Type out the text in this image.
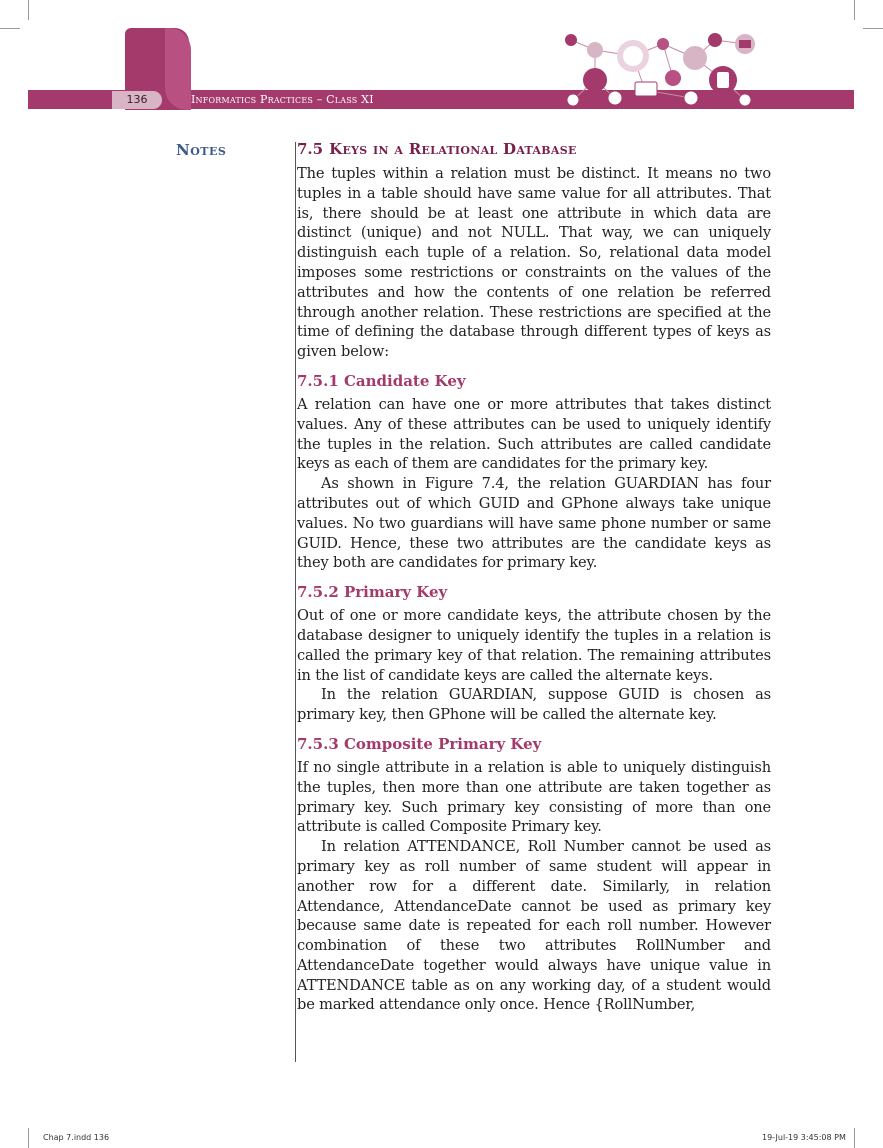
136	Informatics Practices – Class XI
Notes	7.5 Keys in a Relational Database

The tuples within a relation must be distinct. It means no two tuples in a table should have same value for all attributes. That is, there should be at least one attribute in which data are distinct (unique) and not NULL. That way, we can uniquely distinguish each tuple of a relation. So, relational data model imposes some restrictions or constraints on the values of the attributes and how the contents of one relation be referred through another relation. These restrictions are specified at the time of defining the database through different types of keys as given below:

7.5.1 Candidate Key

A relation can have one or more attributes that takes distinct values. Any of these attributes can be used to uniquely identify the tuples in the relation. Such attributes are called candidate keys as each of them are candidates for the primary key.

As shown in Figure 7.4, the relation GUARDIAN has four attributes out of which GUID and GPhone always take unique values. No two guardians will have same phone number or same GUID. Hence, these two attributes are the candidate keys as they both are candidates for primary key.

7.5.2 Primary Key

Out of one or more candidate keys, the attribute chosen by the database designer to uniquely identify the tuples in a relation is called the primary key of that relation. The remaining attributes in the list of candidate keys are called the alternate keys.

In the relation GUARDIAN, suppose GUID is chosen as primary key, then GPhone will be called the alternate key.

7.5.3 Composite Primary Key

If no single attribute in a relation is able to uniquely distinguish the tuples, then more than one attribute are taken together as primary key. Such primary key consisting of more than one attribute is called Composite Primary key.

In relation ATTENDANCE, Roll Number cannot be used as primary key as roll number of same student will appear in another row for a different date. Similarly, in relation Attendance, AttendanceDate cannot be used as primary key because same date is repeated for each roll number. However combination of these two attributes RollNumber and AttendanceDate together would always have unique value in ATTENDANCE table as on any working day, of a student would be marked attendance only once. Hence {RollNumber,

Chap 7.indd 136	19-Jul-19 3:45:08 PM
